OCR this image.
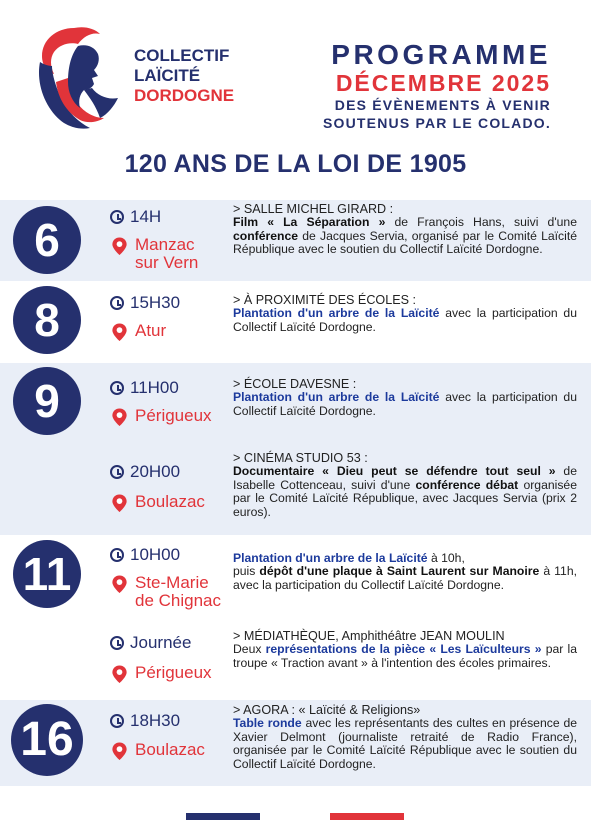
COLLECTIF
LAÏCITÉ
DORDOGNE
PROGRAMME
DÉCEMBRE 2025
DES ÉVÈNEMENTS À VENIR
SOUTENUS PAR LE COLADO.
120 ANS DE LA LOI DE 1905
6	14H
Manzac
sur Vern
> SALLE MICHEL GIRARD :
Film « La Séparation » de François Hans, suivi d'une conférence de Jacques Servia, organisé par le Comité Laïcité République avec le soutien du Collectif Laïcité Dordogne.
8	15H30
Atur
> À PROXIMITÉ DES ÉCOLES :
Plantation d'un arbre de la Laïcité avec la participation du Collectif Laïcité Dordogne.
9	11H00
Périgueux
> ÉCOLE DAVESNE :
Plantation d'un arbre de la Laïcité avec la participation du Collectif Laïcité Dordogne.
20H00
Boulazac
> CINÉMA STUDIO 53 :
Documentaire « Dieu peut se défendre tout seul » de Isabelle Cottenceau, suivi d'une conférence débat organisée par le Comité Laïcité République, avec Jacques Servia (prix 2 euros).
11	10H00
Ste-Marie
de Chignac
Plantation d'un arbre de la Laïcité à 10h,
puis dépôt d'une plaque à Saint Laurent sur Manoire à 11h, avec la participation du Collectif Laïcité Dordogne.
Journée
Périgueux
> MÉDIATHÈQUE, Amphithéâtre JEAN MOULIN
Deux représentations de la pièce « Les Laïculteurs » par la troupe « Traction avant » à l'intention des écoles primaires.
16	18H30
Boulazac
> AGORA : « Laïcité & Religions»
Table ronde avec les représentants des cultes en présence de Xavier Delmont (journaliste retraité de Radio France), organisée par le Comité Laïcité République avec le soutien du Collectif Laïcité Dordogne.
